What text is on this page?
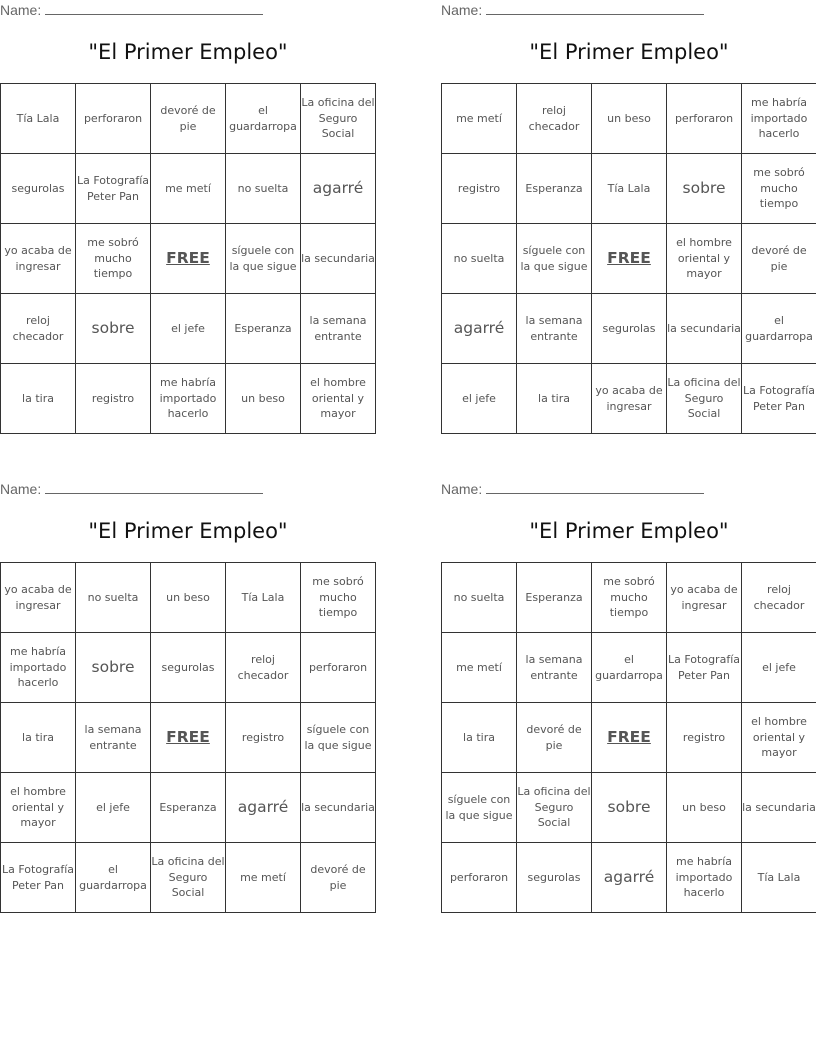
Name:
"El Primer Empleo"
Tía Lala	perforaron	devoré de pie	el guardarropa	La oficina del Seguro Social
segurolas	La Fotografía Peter Pan	me metí	no suelta	agarré
yo acaba de ingresar	me sobró mucho tiempo	FREE	síguele con la que sigue	la secundaria
reloj checador	sobre	el jefe	Esperanza	la semana entrante
la tira	registro	me habría importado hacerlo	un beso	el hombre oriental y mayor
Name:
"El Primer Empleo"
me metí	reloj checador	un beso	perforaron	me habría importado hacerlo
registro	Esperanza	Tía Lala	sobre	me sobró mucho tiempo
no suelta	síguele con la que sigue	FREE	el hombre oriental y mayor	devoré de pie
agarré	la semana entrante	segurolas	la secundaria	el guardarropa
el jefe	la tira	yo acaba de ingresar	La oficina del Seguro Social	La Fotografía Peter Pan
Name:
"El Primer Empleo"
yo acaba de ingresar	no suelta	un beso	Tía Lala	me sobró mucho tiempo
me habría importado hacerlo	sobre	segurolas	reloj checador	perforaron
la tira	la semana entrante	FREE	registro	síguele con la que sigue
el hombre oriental y mayor	el jefe	Esperanza	agarré	la secundaria
La Fotografía Peter Pan	el guardarropa	La oficina del Seguro Social	me metí	devoré de pie
Name:
"El Primer Empleo"
no suelta	Esperanza	me sobró mucho tiempo	yo acaba de ingresar	reloj checador
me metí	la semana entrante	el guardarropa	La Fotografía Peter Pan	el jefe
la tira	devoré de pie	FREE	registro	el hombre oriental y mayor
síguele con la que sigue	La oficina del Seguro Social	sobre	un beso	la secundaria
perforaron	segurolas	agarré	me habría importado hacerlo	Tía Lala
